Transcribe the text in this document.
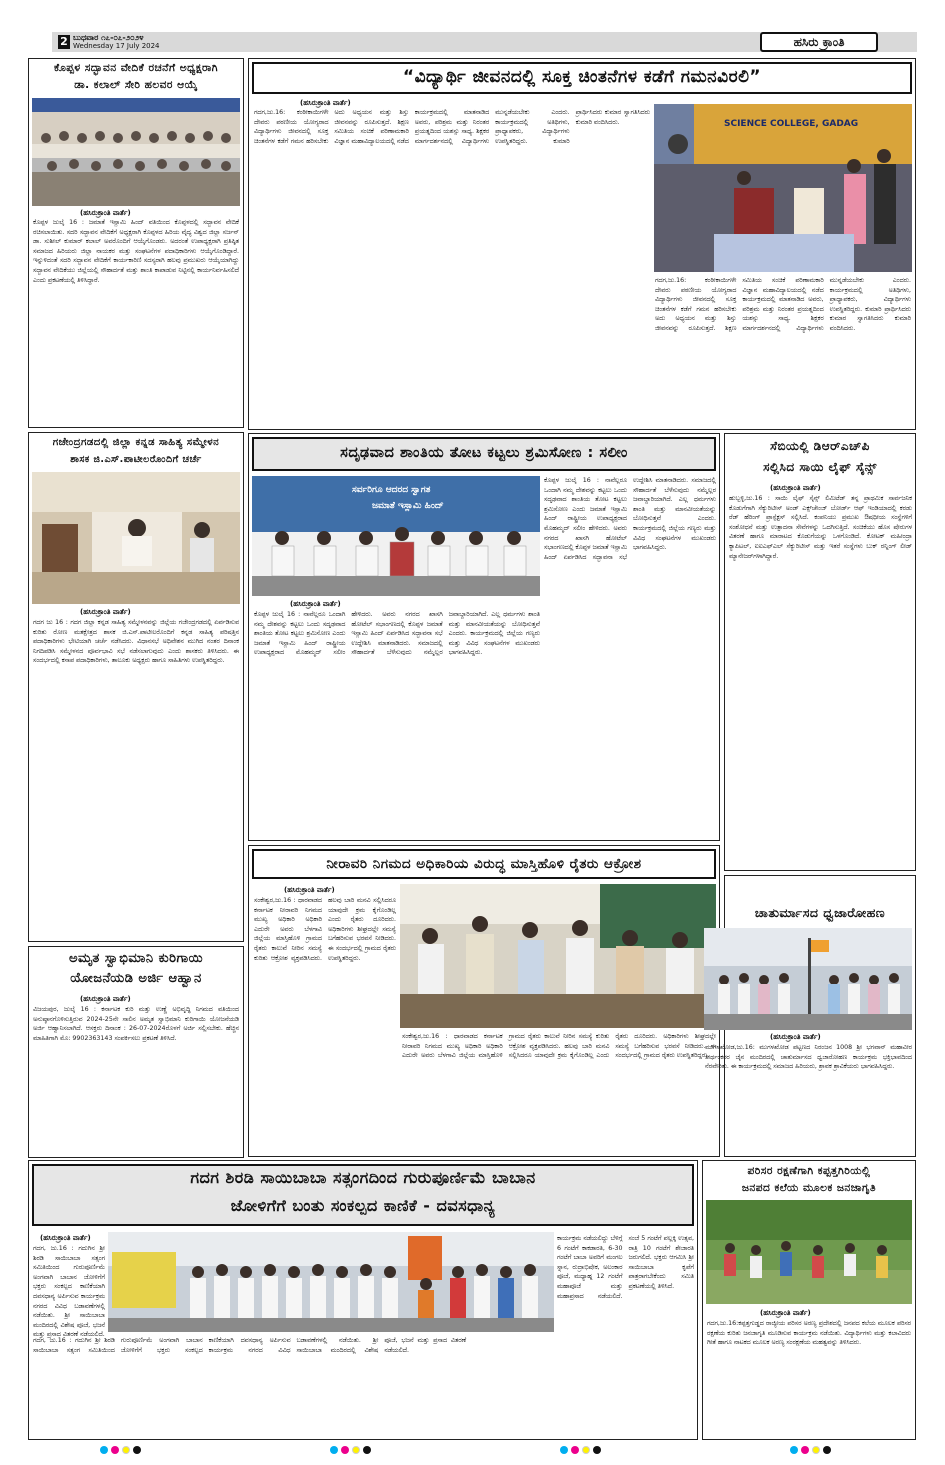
2 ಬುಧವಾರ ೧೭-೦೭-೨೦೨೪
Wednesday 17 July 2024	ಹಸಿರು ಕ್ರಾಂತಿ
ಕೊಪ್ಪಳ ಸದ್ಭಾವನ ವೇದಿಕೆ ರಚನೆಗೆ ಅಧ್ಯಕ್ಷರಾಗಿ
ಡಾ. ಕಲಾಲ್ ಸೇರಿ ಹಲವರ ಆಯ್ಕೆ
(ಹಸಿರುಕ್ರಾಂತಿ ವಾರ್ತೆ)
ಕೊಪ್ಪಳ ಜುಲೈ 16 : ಜಮಾತೆ ಇಸ್ಲಾಮಿ ಹಿಂದ್ ವತಿಯಿಂದ ಕೊಪ್ಪಳದಲ್ಲಿ ಸದ್ಭಾವನ ವೇದಿಕೆ ರಚಿಸಲಾಯಿತು. ಸದರಿ ಸದ್ಭಾವನ ವೇದಿಕೆಗೆ ಅಧ್ಯಕ್ಷರಾಗಿ ಕೊಪ್ಪಳದ ಹಿರಿಯ ವೈದ್ಯ ವಿಶ್ವದ ಜಿಲ್ಲಾ ಸರ್ಜನ್ ಡಾ. ಸುಶೀಲ್ ಕುಮಾರ್ ಕಲಾಲ್ ಅವರೊಂದಿಗೆ ಆಯ್ಕೆಗೊಂಡರು. ಅದರಂತೆ ಉಪಾಧ್ಯಕ್ಷರಾಗಿ ಪ್ರತಿಷ್ಠಿತ ಸಮಾಜದ ಹಿರಿಯರು ಜಿಲ್ಲಾ ನಾಯಕರ ಮತ್ತು ಸಂಘಟನೆಗಳ ಪದಾಧಿಕಾರಿಗಳು ಆಯ್ಕೆಗೊಂಡಿದ್ದಾರೆ. ಇನ್ನುಳಿದಂತೆ ಸದರಿ ಸದ್ಭಾವನ ವೇದಿಕೆಗೆ ಕಾರ್ಯಕಾರಿಣಿ ಸದಸ್ಯರಾಗಿ ಹಲವು ಪ್ರಮುಖರು ಆಯ್ಕೆಯಾಗಿದ್ದು ಸದ್ಭಾವನ ವೇದಿಕೆಯು ಜಿಲ್ಲೆಯಲ್ಲಿ ಸೌಹಾರ್ದತೆ ಮತ್ತು ಶಾಂತಿ ಕಾಪಾಡುವ ನಿಟ್ಟಿನಲ್ಲಿ ಕಾರ್ಯನಿರ್ವಹಿಸಲಿದೆ ಎಂದು ಪ್ರಕಟಣೆಯಲ್ಲಿ ತಿಳಿಸಿದ್ದಾರೆ.
“ವಿದ್ಯಾರ್ಥಿ ಜೀವನದಲ್ಲಿ ಸೂಕ್ತ ಚಿಂತನೆಗಳ ಕಡೆಗೆ ಗಮನವಿರಲಿ”
(ಹಸಿರುಕ್ರಾಂತಿ ವಾರ್ತೆ)
ಗದಗ,ಜು.16: ಕಂಠೀಕಾಯಿಗಳೇ ದೇವರು ಪಠಣೀಯ ಯೋಗ್ಯರಾದ ವಿದ್ಯಾರ್ಥಿಗಳು ಜೀವನದಲ್ಲಿ ಸೂಕ್ತ ಚಿಂತನೆಗಳ ಕಡೆಗೆ ಗಮನ ಹರಿಸಬೇಕು ಅದು ಅಧ್ಯಯನ ಮತ್ತು ಶಿಸ್ತು ಜೀವನವನ್ನು ರೂಪಿಸುತ್ತದೆ. ಶಿಕ್ಷಣ ಸಮಿತಿಯ ಸಂಚಿಕೆ ಪರಿಣಾಮಕಾರಿ ವಿಜ್ಞಾನ ಮಹಾವಿದ್ಯಾಲಯದಲ್ಲಿ ನಡೆದ ಕಾರ್ಯಕ್ರಮದಲ್ಲಿ ಮಾತನಾಡಿದ ಅವರು, ಪರಿಶ್ರಮ ಮತ್ತು ನಿರಂತರ ಪ್ರಯತ್ನದಿಂದ ಯಶಸ್ಸು ಸಾಧ್ಯ. ಶಿಕ್ಷಕರ ಮಾರ್ಗದರ್ಶನದಲ್ಲಿ ವಿದ್ಯಾರ್ಥಿಗಳು ಮುನ್ನಡೆಯಬೇಕು ಎಂದರು. ಕಾರ್ಯಕ್ರಮದಲ್ಲಿ ಅತಿಥಿಗಳು, ಪ್ರಾಧ್ಯಾಪಕರು, ವಿದ್ಯಾರ್ಥಿಗಳು ಉಪಸ್ಥಿತರಿದ್ದರು. ಕುಮಾರಿ ಪ್ರಾರ್ಥಿಸಿದರು ಕುಮಾರ ಸ್ವಾಗತಿಸಿದರು ಕುಮಾರಿ ವಂದಿಸಿದರು.	SCIENCE COLLEGE, GADAG
ಗದಗ,ಜು.16: ಕಂಠೀಕಾಯಿಗಳೇ ದೇವರು ಪಠಣೀಯ ಯೋಗ್ಯರಾದ ವಿದ್ಯಾರ್ಥಿಗಳು ಜೀವನದಲ್ಲಿ ಸೂಕ್ತ ಚಿಂತನೆಗಳ ಕಡೆಗೆ ಗಮನ ಹರಿಸಬೇಕು ಅದು ಅಧ್ಯಯನ ಮತ್ತು ಶಿಸ್ತು ಜೀವನವನ್ನು ರೂಪಿಸುತ್ತದೆ. ಶಿಕ್ಷಣ ಸಮಿತಿಯ ಸಂಚಿಕೆ ಪರಿಣಾಮಕಾರಿ ವಿಜ್ಞಾನ ಮಹಾವಿದ್ಯಾಲಯದಲ್ಲಿ ನಡೆದ ಕಾರ್ಯಕ್ರಮದಲ್ಲಿ ಮಾತನಾಡಿದ ಅವರು, ಪರಿಶ್ರಮ ಮತ್ತು ನಿರಂತರ ಪ್ರಯತ್ನದಿಂದ ಯಶಸ್ಸು ಸಾಧ್ಯ. ಶಿಕ್ಷಕರ ಮಾರ್ಗದರ್ಶನದಲ್ಲಿ ವಿದ್ಯಾರ್ಥಿಗಳು ಮುನ್ನಡೆಯಬೇಕು ಎಂದರು. ಕಾರ್ಯಕ್ರಮದಲ್ಲಿ ಅತಿಥಿಗಳು, ಪ್ರಾಧ್ಯಾಪಕರು, ವಿದ್ಯಾರ್ಥಿಗಳು ಉಪಸ್ಥಿತರಿದ್ದರು. ಕುಮಾರಿ ಪ್ರಾರ್ಥಿಸಿದರು ಕುಮಾರ ಸ್ವಾಗತಿಸಿದರು ಕುಮಾರಿ ವಂದಿಸಿದರು.
ಗಜೇಂದ್ರಗಡದಲ್ಲಿ ಜಿಲ್ಲಾ ಕನ್ನಡ ಸಾಹಿತ್ಯ ಸಮ್ಮೇಳನ
ಶಾಸಕ ಜಿ.ಎಸ್.ಪಾಟೀಲರೊಂದಿಗೆ ಚರ್ಚೆ
(ಹಸಿರುಕ್ರಾಂತಿ ವಾರ್ತೆ)
ಗದಗ ಜು 16 : ಗದಗ ಜಿಲ್ಲಾ ಕನ್ನಡ ಸಾಹಿತ್ಯ ಸಮ್ಮೇಳನವನ್ನು ಜಿಲ್ಲೆಯ ಗಜೇಂದ್ರಗಡದಲ್ಲಿ ಏರ್ಪಡಿಸುವ ಕುರಿತು ರೋಣ ಮತಕ್ಷೇತ್ರದ ಶಾಸಕ ಜಿ.ಎಸ್.ಪಾಟೀಲರೊಂದಿಗೆ ಕನ್ನಡ ಸಾಹಿತ್ಯ ಪರಿಷತ್ತಿನ ಪದಾಧಿಕಾರಿಗಳು ಭೇಟಿಯಾಗಿ ಚರ್ಚೆ ನಡೆಸಿದರು. ವಿಧಾನಸಭೆ ಅಧಿವೇಶನ ಮುಗಿದ ನಂತರ ದಿನಾಂಕ ನಿಗದಿಪಡಿಸಿ ಸಮ್ಮೇಳನದ ಪೂರ್ವಭಾವಿ ಸಭೆ ನಡೆಸಲಾಗುವುದು ಎಂದು ಶಾಸಕರು ತಿಳಿಸಿದರು. ಈ ಸಂದರ್ಭದಲ್ಲಿ ಕಸಾಪ ಪದಾಧಿಕಾರಿಗಳು, ತಾಲೂಕು ಅಧ್ಯಕ್ಷರು ಹಾಗೂ ಸಾಹಿತಿಗಳು ಉಪಸ್ಥಿತರಿದ್ದರು.
ಸದೃಢವಾದ ಶಾಂತಿಯ ತೋಟ ಕಟ್ಟಲು ಶ್ರಮಿಸೋಣ : ಸಲೀಂ
ಸರ್ವರಿಗೂ ಆದರದ ಸ್ವಾಗತ
ಜಮಾತೆ ಇಸ್ಲಾಮಿ ಹಿಂದ್
(ಹಸಿರುಕ್ರಾಂತಿ ವಾರ್ತೆ)
ಕೊಪ್ಪಳ ಜುಲೈ 16 : ನಾವೆಲ್ಲರೂ ಒಂದಾಗಿ ನಮ್ಮ ದೇಶವನ್ನು ಕಟ್ಟಲು ಒಂದು ಸದೃಢವಾದ ಶಾಂತಿಯ ತೋಟ ಕಟ್ಟಲು ಶ್ರಮಿಸೋಣ ಎಂದು ಜಮಾತೆ ಇಸ್ಲಾಮಿ ಹಿಂದ್ ರಾಷ್ಟ್ರೀಯ ಉಪಾಧ್ಯಕ್ಷರಾದ ಮೊಹಮ್ಮದ್ ಸಲೀಂ ಹೇಳಿದರು. ಅವರು ನಗರದ ಖಾಸಗಿ ಹೋಟೆಲ್ ಸಭಾಂಗಣದಲ್ಲಿ ಕೊಪ್ಪಳ ಜಮಾತೆ ಇಸ್ಲಾಮಿ ಹಿಂದ್ ಏರ್ಪಡಿಸಿದ ಸದ್ಭಾವನಾ ಸಭೆ ಉದ್ದೇಶಿಸಿ ಮಾತನಾಡಿದರು. ಸಮಾಜದಲ್ಲಿ ಸೌಹಾರ್ದತೆ ಬೆಳೆಸುವುದು ನಮ್ಮೆಲ್ಲರ ಜವಾಬ್ದಾರಿಯಾಗಿದೆ. ಎಲ್ಲ ಧರ್ಮಗಳು ಶಾಂತಿ ಮತ್ತು ಮಾನವೀಯತೆಯನ್ನು ಬೋಧಿಸುತ್ತವೆ ಎಂದರು. ಕಾರ್ಯಕ್ರಮದಲ್ಲಿ ಜಿಲ್ಲೆಯ ಗಣ್ಯರು ಮತ್ತು ವಿವಿಧ ಸಂಘಟನೆಗಳ ಮುಖಂಡರು ಭಾಗವಹಿಸಿದ್ದರು.
ಕೊಪ್ಪಳ ಜುಲೈ 16 : ನಾವೆಲ್ಲರೂ ಒಂದಾಗಿ ನಮ್ಮ ದೇಶವನ್ನು ಕಟ್ಟಲು ಒಂದು ಸದೃಢವಾದ ಶಾಂತಿಯ ತೋಟ ಕಟ್ಟಲು ಶ್ರಮಿಸೋಣ ಎಂದು ಜಮಾತೆ ಇಸ್ಲಾಮಿ ಹಿಂದ್ ರಾಷ್ಟ್ರೀಯ ಉಪಾಧ್ಯಕ್ಷರಾದ ಮೊಹಮ್ಮದ್ ಸಲೀಂ ಹೇಳಿದರು. ಅವರು ನಗರದ ಖಾಸಗಿ ಹೋಟೆಲ್ ಸಭಾಂಗಣದಲ್ಲಿ ಕೊಪ್ಪಳ ಜಮಾತೆ ಇಸ್ಲಾಮಿ ಹಿಂದ್ ಏರ್ಪಡಿಸಿದ ಸದ್ಭಾವನಾ ಸಭೆ ಉದ್ದೇಶಿಸಿ ಮಾತನಾಡಿದರು. ಸಮಾಜದಲ್ಲಿ ಸೌಹಾರ್ದತೆ ಬೆಳೆಸುವುದು ನಮ್ಮೆಲ್ಲರ ಜವಾಬ್ದಾರಿಯಾಗಿದೆ. ಎಲ್ಲ ಧರ್ಮಗಳು ಶಾಂತಿ ಮತ್ತು ಮಾನವೀಯತೆಯನ್ನು ಬೋಧಿಸುತ್ತವೆ ಎಂದರು. ಕಾರ್ಯಕ್ರಮದಲ್ಲಿ ಜಿಲ್ಲೆಯ ಗಣ್ಯರು ಮತ್ತು ವಿವಿಧ ಸಂಘಟನೆಗಳ ಮುಖಂಡರು ಭಾಗವಹಿಸಿದ್ದರು.
ಸೆಬಿಯಲ್ಲಿ ಡಿಆರ್‌ಎಚ್‌ಪಿ
ಸಲ್ಲಿಸಿದ ಸಾಯಿ ಲೈಫ್ ಸೈನ್ಸ್
(ಹಸಿರುಕ್ರಾಂತಿ ವಾರ್ತೆ)
ಹುಬ್ಬಳ್ಳಿ,ಜು.16 : ಸಾಯಿ ಲೈಫ್ ಸೈನ್ಸ್ ಲಿಮಿಟೆಡ್ ತನ್ನ ಪ್ರಾಥಮಿಕ ಸಾರ್ವಜನಿಕ ಕೊಡುಗೆಗಾಗಿ ಸೆಕ್ಯುರಿಟೀಸ್ ಅಂಡ್ ಎಕ್ಸ್‌ಚೇಂಜ್ ಬೋರ್ಡ್ ಆಫ್ ಇಂಡಿಯಾದಲ್ಲಿ ಕರಡು ರೆಡ್ ಹೆರಿಂಗ್ ಪ್ರಾಸ್ಪೆಕ್ಟಸ್ ಸಲ್ಲಿಸಿದೆ. ಕಂಪನಿಯು ಪ್ರಮುಖ ಔಷಧೀಯ ಸಂಸ್ಥೆಗಳಿಗೆ ಸಂಶೋಧನೆ ಮತ್ತು ಉತ್ಪಾದನಾ ಸೇವೆಗಳನ್ನು ಒದಗಿಸುತ್ತಿದೆ. ಸಂಚಿಕೆಯು ಹೊಸ ಷೇರುಗಳ ವಿತರಣೆ ಹಾಗೂ ಮಾರಾಟದ ಕೊಡುಗೆಯನ್ನು ಒಳಗೊಂಡಿದೆ. ಕೋಟಕ್ ಮಹೀಂದ್ರಾ ಕ್ಯಾಪಿಟಲ್, ಐಐಎಫ್ಎಲ್ ಸೆಕ್ಯುರಿಟೀಸ್ ಮತ್ತು ಇತರೆ ಸಂಸ್ಥೆಗಳು ಬುಕ್ ರನ್ನಿಂಗ್ ಲೀಡ್ ಮ್ಯಾನೇಜರ್‌ಗಳಾಗಿದ್ದಾರೆ.
ಅಮೃತ ಸ್ವಾಭಿಮಾನಿ ಕುರಿಗಾಯಿ
ಯೋಜನೆಯಡಿ ಅರ್ಜಿ ಆಹ್ವಾನ
(ಹಸಿರುಕ್ರಾಂತಿ ವಾರ್ತೆ)
ವಿಜಯಪುರ, ಜುಲೈ 16 : ಕರ್ನಾಟಕ ಕುರಿ ಮತ್ತು ಉಣ್ಣೆ ಅಭಿವೃದ್ಧಿ ನಿಗಮದ ವತಿಯಿಂದ ಅನುಷ್ಠಾನಗೊಳಿಸುತ್ತಿರುವ 2024-25ನೇ ಸಾಲಿನ ಅಮೃತ ಸ್ವಾಭಿಮಾನಿ ಕುರಿಗಾಯಿ ಯೋಜನೆಯಡಿ ಅರ್ಜಿ ಆಹ್ವಾನಿಸಲಾಗಿದೆ. ಆಸಕ್ತರು ದಿನಾಂಕ : 26-07-2024ರೊಳಗೆ ಅರ್ಜಿ ಸಲ್ಲಿಸಬೇಕು. ಹೆಚ್ಚಿನ ಮಾಹಿತಿಗಾಗಿ ಮೊ: 9902363143 ಸಂಪರ್ಕಿಸಲು ಪ್ರಕಟಣೆ ತಿಳಿಸಿದೆ.
ನೀರಾವರಿ ನಿಗಮದ ಅಧಿಕಾರಿಯ ವಿರುದ್ಧ ಮಾಸ್ತಿಹೊಳಿ ರೈತರು ಆಕ್ರೋಶ
(ಹಸಿರುಕ್ರಾಂತಿ ವಾರ್ತೆ)
ಸಂಕೇಶ್ವರ,ಜು.16 : ಧಾರವಾಡದ ಕರ್ನಾಟಕ ನೀರಾವರಿ ನಿಗಮದ ಮುಖ್ಯ ಅಧಿಕಾರಿ ಅಧಿಕಾರಿ ಎದುರೇ ಅವರು ಬೆಳಗಾವಿ ಜಿಲ್ಲೆಯ ಮಾಸ್ತಿಹೊಳಿ ಗ್ರಾಮದ ರೈತರು ಕಾಲುವೆ ನೀರಿನ ಸಮಸ್ಯೆ ಕುರಿತು ಆಕ್ರೋಶ ವ್ಯಕ್ತಪಡಿಸಿದರು. ಹಲವು ಬಾರಿ ಮನವಿ ಸಲ್ಲಿಸಿದರೂ ಯಾವುದೇ ಕ್ರಮ ಕೈಗೊಂಡಿಲ್ಲ ಎಂದು ರೈತರು ದೂರಿದರು. ಅಧಿಕಾರಿಗಳು ಶೀಘ್ರದಲ್ಲೇ ಸಮಸ್ಯೆ ಬಗೆಹರಿಸುವ ಭರವಸೆ ನೀಡಿದರು. ಈ ಸಂದರ್ಭದಲ್ಲಿ ಗ್ರಾಮದ ರೈತರು ಉಪಸ್ಥಿತರಿದ್ದರು.
ಸಂಕೇಶ್ವರ,ಜು.16 : ಧಾರವಾಡದ ಕರ್ನಾಟಕ ನೀರಾವರಿ ನಿಗಮದ ಮುಖ್ಯ ಅಧಿಕಾರಿ ಅಧಿಕಾರಿ ಎದುರೇ ಅವರು ಬೆಳಗಾವಿ ಜಿಲ್ಲೆಯ ಮಾಸ್ತಿಹೊಳಿ ಗ್ರಾಮದ ರೈತರು ಕಾಲುವೆ ನೀರಿನ ಸಮಸ್ಯೆ ಕುರಿತು ಆಕ್ರೋಶ ವ್ಯಕ್ತಪಡಿಸಿದರು. ಹಲವು ಬಾರಿ ಮನವಿ ಸಲ್ಲಿಸಿದರೂ ಯಾವುದೇ ಕ್ರಮ ಕೈಗೊಂಡಿಲ್ಲ ಎಂದು ರೈತರು ದೂರಿದರು. ಅಧಿಕಾರಿಗಳು ಶೀಘ್ರದಲ್ಲೇ ಸಮಸ್ಯೆ ಬಗೆಹರಿಸುವ ಭರವಸೆ ನೀಡಿದರು. ಈ ಸಂದರ್ಭದಲ್ಲಿ ಗ್ರಾಮದ ರೈತರು ಉಪಸ್ಥಿತರಿದ್ದರು.
ಚಾತುರ್ಮಾಸದ ಧ್ವಜಾರೋಹಣ
(ಹಸಿರುಕ್ರಾಂತಿ ವಾರ್ತೆ)
ಮುಗಳಖೋಡ,ಜು.16: ಮುಗಳಖೋಡ ಪಟ್ಟಣದ ನಿರಂಜನ 1008 ಶ್ರೀ ಭಗವಾನ್ ಮಹಾವೀರ ತೀರ್ಥಂಕರರ ಜೈನ ಮಂದಿರದಲ್ಲಿ ಚಾತುರ್ಮಾಸದ ಧ್ವಜಾರೋಹಣ ಕಾರ್ಯಕ್ರಮ ಭಕ್ತಿಭಾವದಿಂದ ನೆರವೇರಿತು. ಈ ಕಾರ್ಯಕ್ರಮದಲ್ಲಿ ಸಮಾಜದ ಹಿರಿಯರು, ಶ್ರಾವಕ ಶ್ರಾವಿಕೆಯರು ಭಾಗವಹಿಸಿದ್ದರು.
ಪರಿಸರ ರಕ್ಷಣೆಗಾಗಿ ಕಪ್ಪತ್ತಗಿರಿಯಲ್ಲಿ
ಜನಪದ ಕಲೆಯ ಮೂಲಕ ಜನಜಾಗೃತಿ
(ಹಸಿರುಕ್ರಾಂತಿ ವಾರ್ತೆ)
ಗದಗ,ಜು.16:ಕಪ್ಪತ್ತಗುಡ್ಡದ ರಾಜ್ಯೀಯ ಪರಿಸರ ಅರಣ್ಯ ಪ್ರದೇಶದಲ್ಲಿ ಜನಪದ ಕಲೆಯ ಮೂಲಕ ಪರಿಸರ ರಕ್ಷಣೆಯ ಕುರಿತು ಜನಜಾಗೃತಿ ಮೂಡಿಸುವ ಕಾರ್ಯಕ್ರಮ ನಡೆಯಿತು. ವಿದ್ಯಾರ್ಥಿಗಳು ಮತ್ತು ಕಲಾವಿದರು ಗೀತೆ ಹಾಗೂ ನಾಟಕದ ಮೂಲಕ ಅರಣ್ಯ ಸಂರಕ್ಷಣೆಯ ಮಹತ್ವವನ್ನು ತಿಳಿಸಿದರು.
ಗದಗ ಶಿರಡಿ ಸಾಯಿಬಾಬಾ ಸತ್ಸಂಗದಿಂದ ಗುರುಪೂರ್ಣಿಮೆ ಬಾಬಾನ
ಜೋಳಿಗೆಗೆ ಬಂತು ಸಂಕಲ್ಪದ ಕಾಣಿಕೆ - ದವಸಧಾನ್ಯ
(ಹಸಿರುಕ್ರಾಂತಿ ವಾರ್ತೆ)
ಗದಗ, ಜು.16 : ಗದುಗಿನ ಶ್ರೀ ಶಿರಡಿ ಸಾಯಿಬಾಬಾ ಸತ್ಸಂಗ ಸಮಿತಿಯಿಂದ ಗುರುಪೂರ್ಣಿಮೆ ಅಂಗವಾಗಿ ಬಾಬಾನ ಜೋಳಿಗೆಗೆ ಭಕ್ತರು ಸಂಕಲ್ಪದ ಕಾಣಿಕೆಯಾಗಿ ದವಸಧಾನ್ಯ ಅರ್ಪಿಸುವ ಕಾರ್ಯಕ್ರಮ ನಗರದ ವಿವಿಧ ಬಡಾವಣೆಗಳಲ್ಲಿ ನಡೆಯಿತು. ಶ್ರೀ ಸಾಯಿಬಾಬಾ ಮಂದಿರದಲ್ಲಿ ವಿಶೇಷ ಪೂಜೆ, ಭಜನೆ ಮತ್ತು ಪ್ರಸಾದ ವಿತರಣೆ ನಡೆಯಲಿದೆ.
ಕಾರ್ಯಕ್ರಮ ನಡೆಯಲಿದ್ದು ಬೆಳಿಗ್ಗೆ 6 ಗಂಟೆಗೆ ಕಾಕಡಾರತಿ, 6-30 ಗಂಟೆಗೆ ಬಾಬಾ ಅವರಿಗೆ ಮಂಗಲ ಸ್ನಾನ, ರುದ್ರಾಭಿಷೇಕ, ಅಲಂಕಾರ ಪೂಜೆ, ಮಧ್ಯಾಹ್ನ 12 ಗಂಟೆಗೆ ಮಹಾಪೂಜೆ ಮತ್ತು ಮಹಾಪ್ರಸಾದ ನಡೆಯಲಿದೆ. ಸಂಜೆ 5 ಗಂಟೆಗೆ ಪಲ್ಲಕ್ಕಿ ಉತ್ಸವ, ರಾತ್ರಿ 10 ಗಂಟೆಗೆ ಶೇಜಾರತಿ ಜರುಗಲಿದೆ. ಭಕ್ತರು ಆಗಮಿಸಿ ಶ್ರೀ ಸಾಯಿಬಾಬಾ ಕೃಪೆಗೆ ಪಾತ್ರರಾಗಬೇಕೆಂದು ಸಮಿತಿ ಪ್ರಕಟಣೆಯಲ್ಲಿ ತಿಳಿಸಿದೆ.
ಗದಗ, ಜು.16 : ಗದುಗಿನ ಶ್ರೀ ಶಿರಡಿ ಸಾಯಿಬಾಬಾ ಸತ್ಸಂಗ ಸಮಿತಿಯಿಂದ ಗುರುಪೂರ್ಣಿಮೆ ಅಂಗವಾಗಿ ಬಾಬಾನ ಜೋಳಿಗೆಗೆ ಭಕ್ತರು ಸಂಕಲ್ಪದ ಕಾಣಿಕೆಯಾಗಿ ದವಸಧಾನ್ಯ ಅರ್ಪಿಸುವ ಕಾರ್ಯಕ್ರಮ ನಗರದ ವಿವಿಧ ಬಡಾವಣೆಗಳಲ್ಲಿ ನಡೆಯಿತು. ಶ್ರೀ ಸಾಯಿಬಾಬಾ ಮಂದಿರದಲ್ಲಿ ವಿಶೇಷ ಪೂಜೆ, ಭಜನೆ ಮತ್ತು ಪ್ರಸಾದ ವಿತರಣೆ ನಡೆಯಲಿದೆ.
